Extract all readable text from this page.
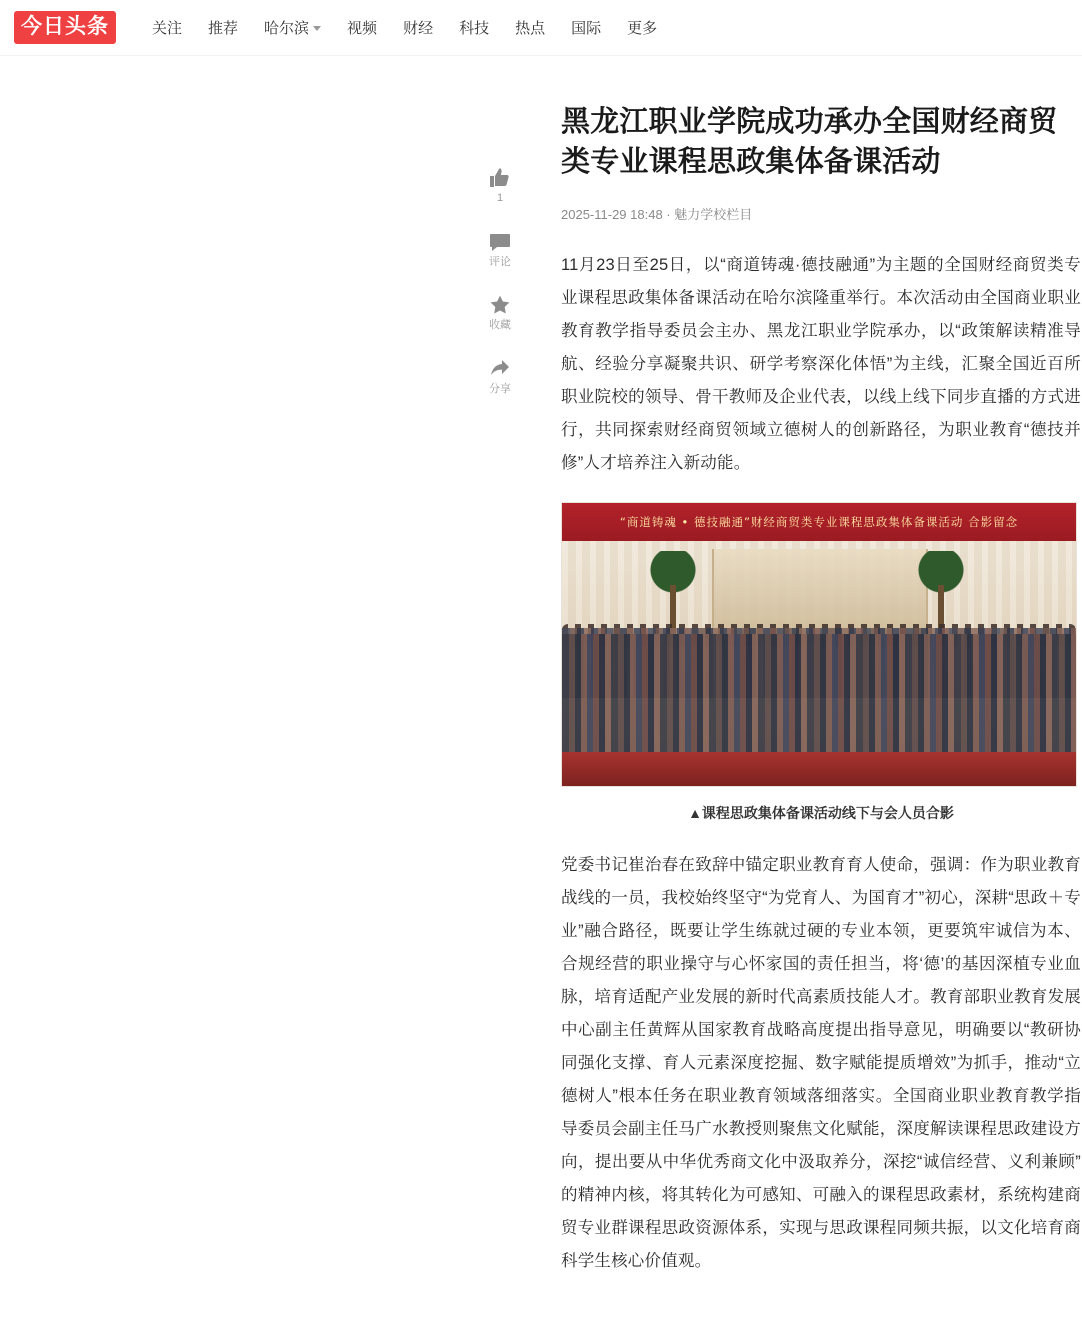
今日头条	关注 推荐 哈尔滨	视频 财经 科技 热点 国际 更多
1
评论
收藏
分享
黑龙江职业学院成功承办全国财经商贸类专业课程思政集体备课活动
2025-11-29 18:48 · 魅力学校栏目

11月23日至25日，以“商道铸魂·德技融通”为主题的全国财经商贸类专业课程思政集体备课活动在哈尔滨隆重举行。本次活动由全国商业职业教育教学指导委员会主办、黑龙江职业学院承办，以“政策解读精准导航、经验分享凝聚共识、研学考察深化体悟”为主线，汇聚全国近百所职业院校的领导、骨干教师及企业代表，以线上线下同步直播的方式进行，共同探索财经商贸领域立德树人的创新路径，为职业教育“德技并修”人才培养注入新动能。

“商道铸魂 • 德技融通”财经商贸类专业课程思政集体备课活动 合影留念
▲课程思政集体备课活动线下与会人员合影

党委书记崔治春在致辞中锚定职业教育育人使命，强调：作为职业教育战线的一员，我校始终坚守“为党育人、为国育才”初心，深耕“思政＋专业”融合路径，既要让学生练就过硬的专业本领，更要筑牢诚信为本、合规经营的职业操守与心怀家国的责任担当，将‘德’的基因深植专业血脉，培育适配产业发展的新时代高素质技能人才。教育部职业教育发展中心副主任黄辉从国家教育战略高度提出指导意见，明确要以“教研协同强化支撑、育人元素深度挖掘、数字赋能提质增效”为抓手，推动“立德树人”根本任务在职业教育领域落细落实。全国商业职业教育教学指导委员会副主任马广水教授则聚焦文化赋能，深度解读课程思政建设方向，提出要从中华优秀商文化中汲取养分，深挖“诚信经营、义利兼顾”的精神内核，将其转化为可感知、可融入的课程思政素材，系统构建商贸专业群课程思政资源体系，实现与思政课程同频共振，以文化培育商科学生核心价值观。
